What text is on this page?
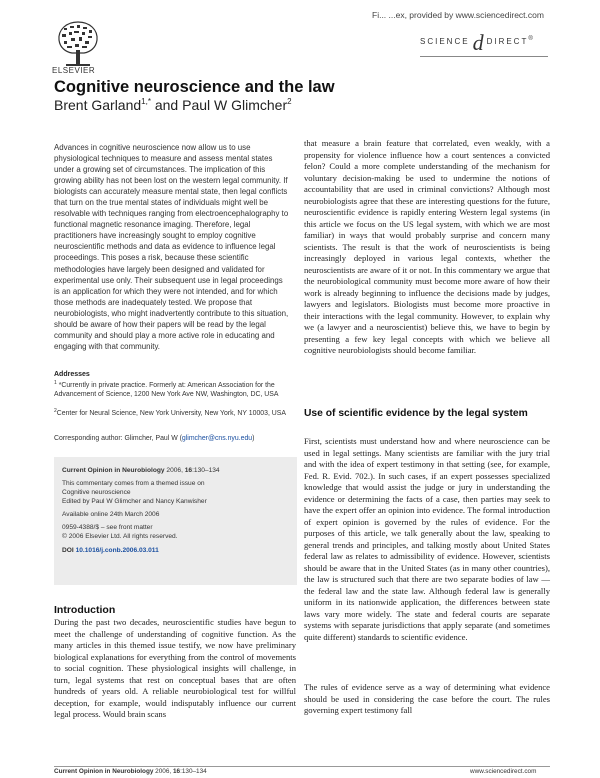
ELSEVIER
Fi... ...ex, provided by www.sciencedirect.com
SCIENCE d DIRECT®
Cognitive neuroscience and the law
Brent Garland$^{1,*}$ and Paul W Glimcher$^2$
Advances in cognitive neuroscience now allow us to use physiological techniques to measure and assess mental states under a growing set of circumstances. The implication of this growing ability has not been lost on the western legal community. If biologists can accurately measure mental state, then legal conflicts that turn on the true mental states of individuals might well be resolvable with techniques ranging from electroencephalography to functional magnetic resonance imaging. Therefore, legal practitioners have increasingly sought to employ cognitive neuroscientific methods and data as evidence to influence legal proceedings. This poses a risk, because these scientific methodologies have largely been designed and validated for experimental use only. Their subsequent use in legal proceedings is an application for which they were not intended, and for which those methods are inadequately tested. We propose that neurobiologists, who might inadvertently contribute to this situation, should be aware of how their papers will be read by the legal community and should play a more active role in educating and engaging with that community.
Addresses
$^1$ *Currently in private practice. Formerly at: American Association for the Advancement of Science, 1200 New York Ave NW, Washington, DC, USA
$^2$Center for Neural Science, New York University, New York, NY 10003, USA
Corresponding author: Glimcher, Paul W (glimcher@cns.nyu.edu)
Current Opinion in Neurobiology 2006, 16:130–134
This commentary comes from a themed issue on
Cognitive neuroscience
Edited by Paul W Glimcher and Nancy Kanwisher
Available online 24th March 2006
0959-4388/$ – see front matter
© 2006 Elsevier Ltd. All rights reserved.
DOI 10.1016/j.conb.2006.03.011
Introduction
During the past two decades, neuroscientific studies have begun to meet the challenge of understanding of cognitive function. As the many articles in this themed issue testify, we now have preliminary biological explanations for everything from the control of movements to social cognition. These physiological insights will challenge, in turn, legal systems that rest on conceptual bases that are often hundreds of years old. A reliable neurobiological test for willful deception, for example, would indisputably influence our current legal process. Would brain scans
that measure a brain feature that correlated, even weakly, with a propensity for violence influence how a court sentences a convicted felon? Could a more complete understanding of the mechanism for voluntary decision-making be used to undermine the notions of accountability that are used in criminal convictions? Although most neurobiologists agree that these are interesting questions for the future, neuroscientific evidence is rapidly entering Western legal systems (in this article we focus on the US legal system, with which we are most familiar) in ways that would probably surprise and concern many scientists. The result is that the work of neuroscientists is being increasingly deployed in various legal contexts, whether the neuroscientists are aware of it or not. In this commentary we argue that the neurobiological community must become more aware of how their work is already beginning to influence the decisions made by judges, lawyers and legislators. Biologists must become more proactive in their interactions with the legal community. However, to explain why we (a lawyer and a neuroscientist) believe this, we have to begin by presenting a few key legal concepts with which we believe all cognitive neurobiologists should become familiar.
Use of scientific evidence by the legal system
First, scientists must understand how and where neuroscience can be used in legal settings. Many scientists are familiar with the jury trial and with the idea of expert testimony in that setting (see, for example, Fed. R. Evid. 702.). In such cases, if an expert possesses specialized knowledge that would assist the judge or jury in understanding the evidence or determining the facts of a case, then parties may seek to have the expert offer an opinion into evidence. The formal introduction of expert opinion is governed by the rules of evidence. For the purposes of this article, we talk generally about the law, speaking to general trends and principles, and talking mostly about United States federal law as relates to admissibility of evidence. However, scientists should be aware that in the United States (as in many other countries), the law is structured such that there are two separate bodies of law — the federal law and the state law. Although federal law is generally uniform in its nationwide application, the differences between state laws vary more widely. The state and federal courts are separate systems with separate jurisdictions that apply separate (and sometimes quite different) standards to scientific evidence.
The rules of evidence serve as a way of determining what evidence should be used in considering the case before the court. The rules governing expert testimony fall
Current Opinion in Neurobiology 2006, 16:130–134	www.sciencedirect.com
